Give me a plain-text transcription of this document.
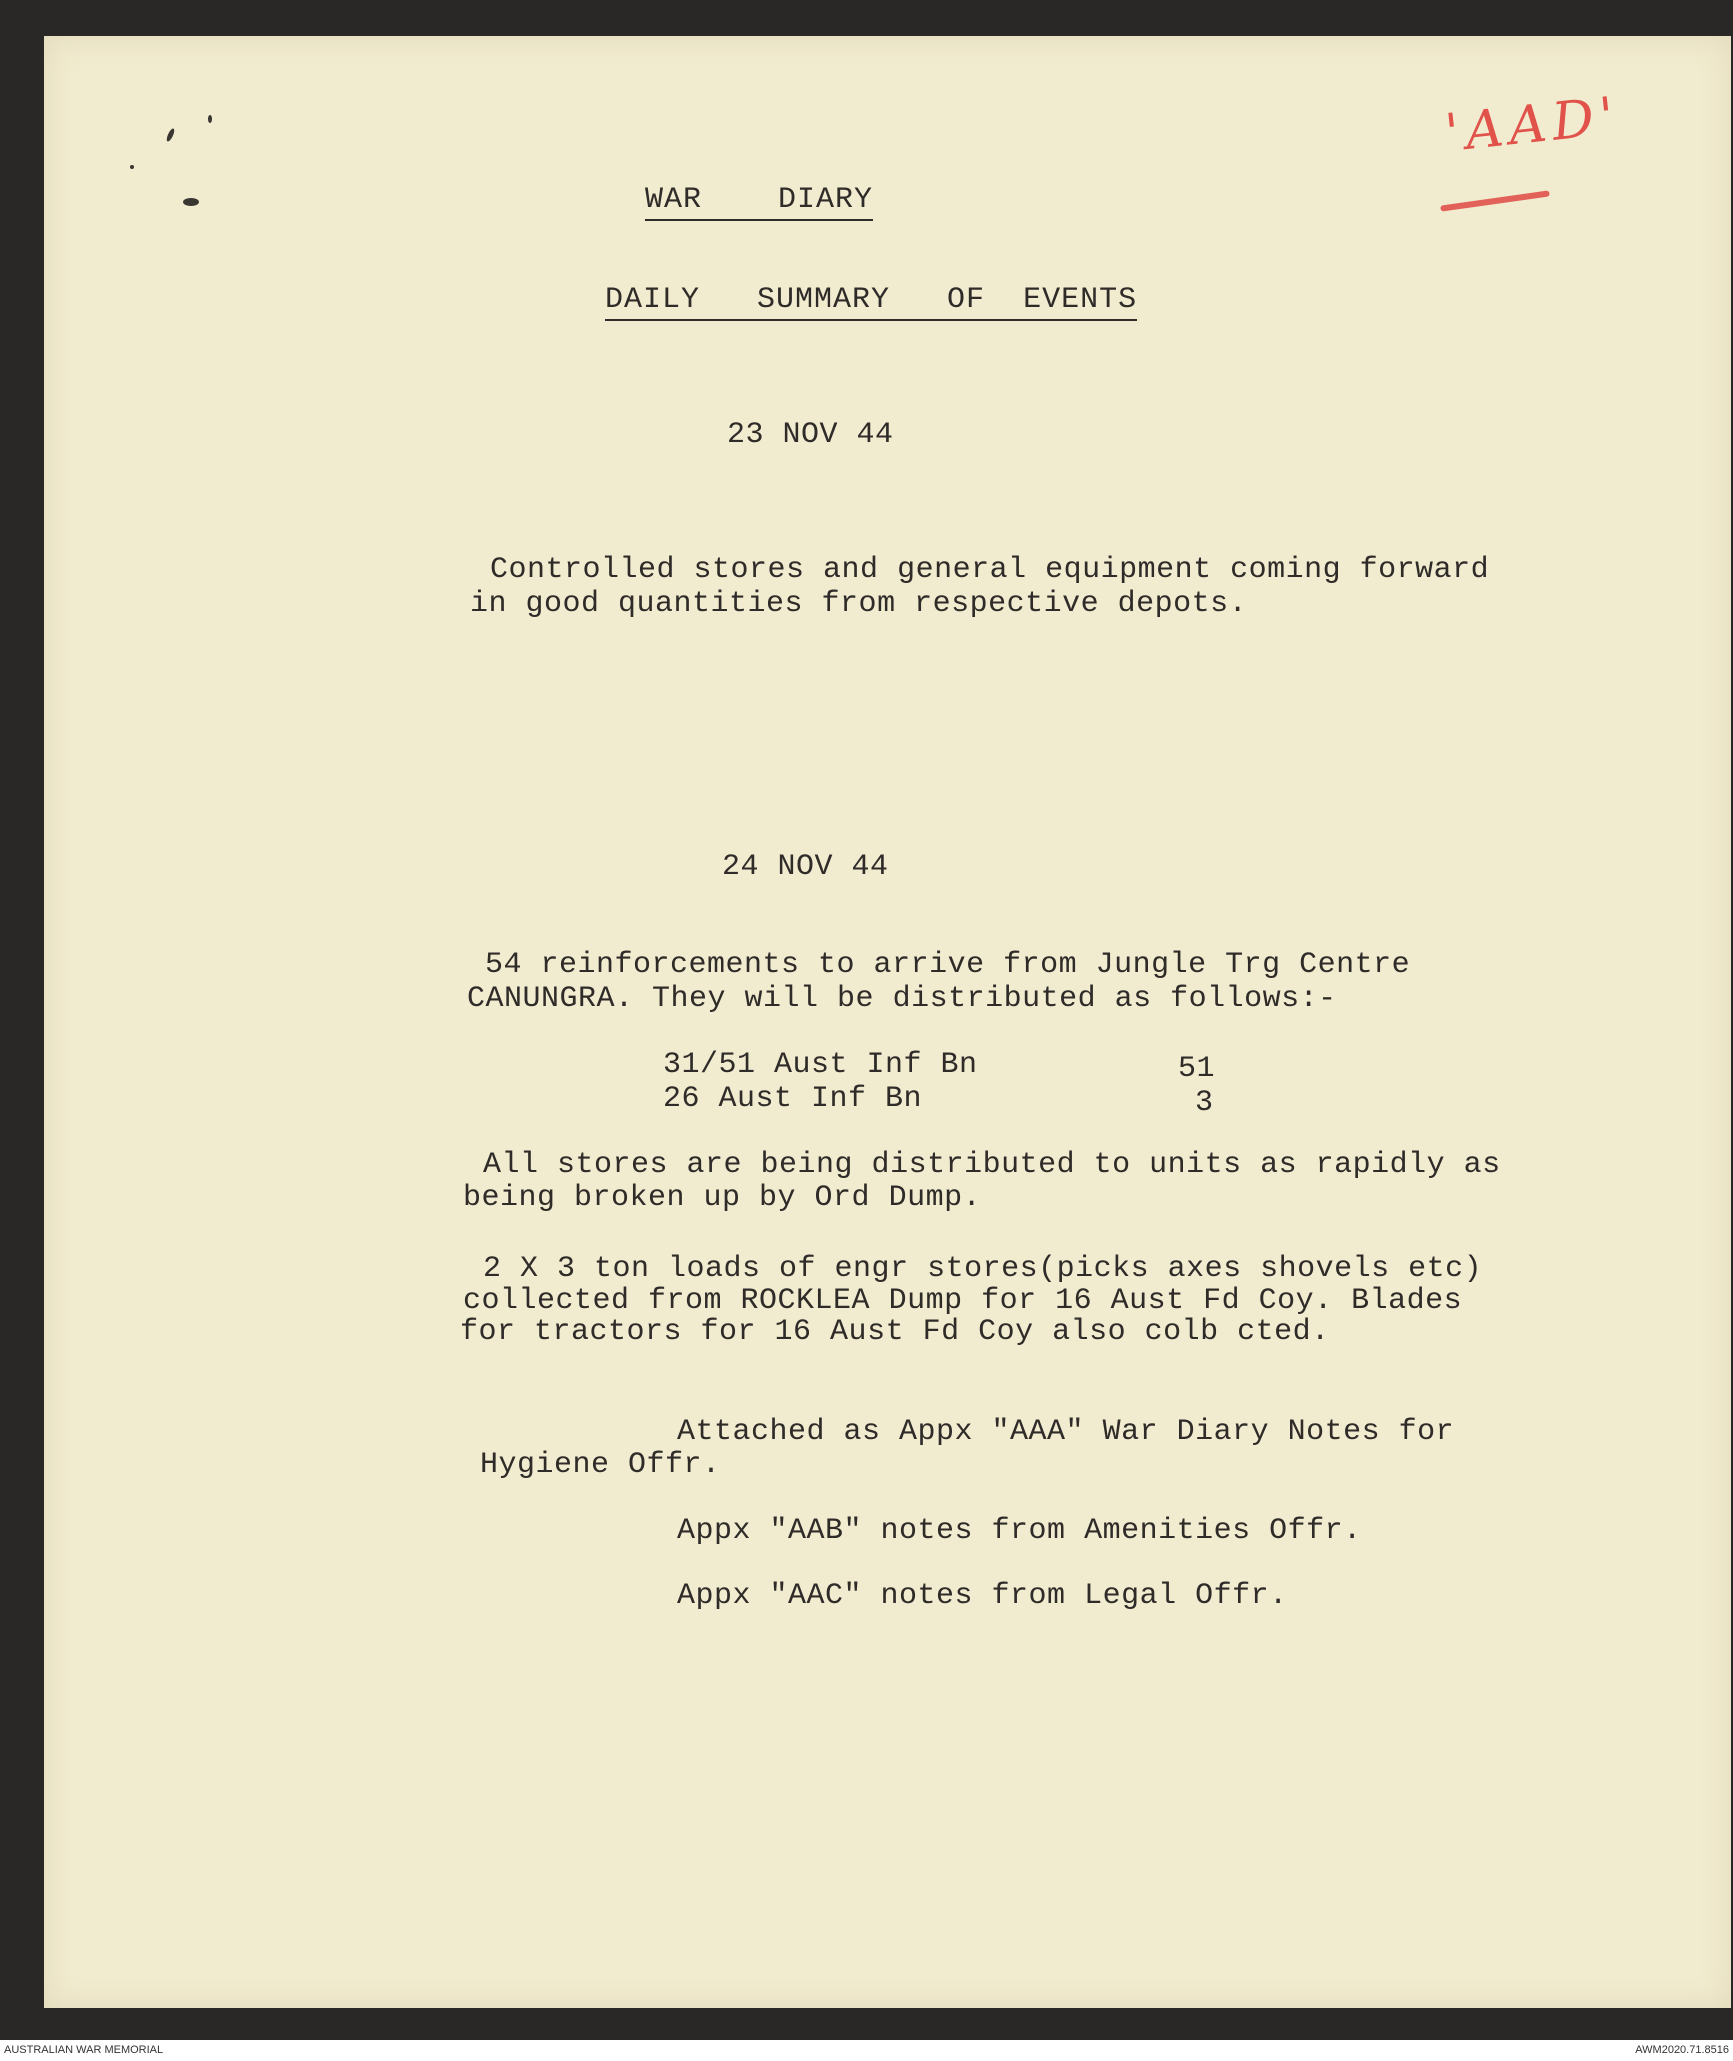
'AAD'
WAR    DIARY
DAILY   SUMMARY   OF  EVENTS
23 NOV 44
Controlled stores and general equipment coming forward
in good quantities from respective depots.
24 NOV 44
54 reinforcements to arrive from Jungle Trg Centre
CANUNGRA. They will be distributed as follows:-
31/51 Aust Inf Bn	51
26 Aust Inf Bn	3
All stores are being distributed to units as rapidly as
being broken up by Ord Dump.
2 X 3 ton loads of engr stores(picks axes shovels etc)
collected from ROCKLEA Dump for 16 Aust Fd Coy. Blades
for tractors for 16 Aust Fd Coy also colb cted.
Attached as Appx "AAA" War Diary Notes for
Hygiene Offr.
Appx "AAB" notes from Amenities Offr.
Appx "AAC" notes from Legal Offr.
AUSTRALIAN WAR MEMORIAL	AWM2020.71.8516
